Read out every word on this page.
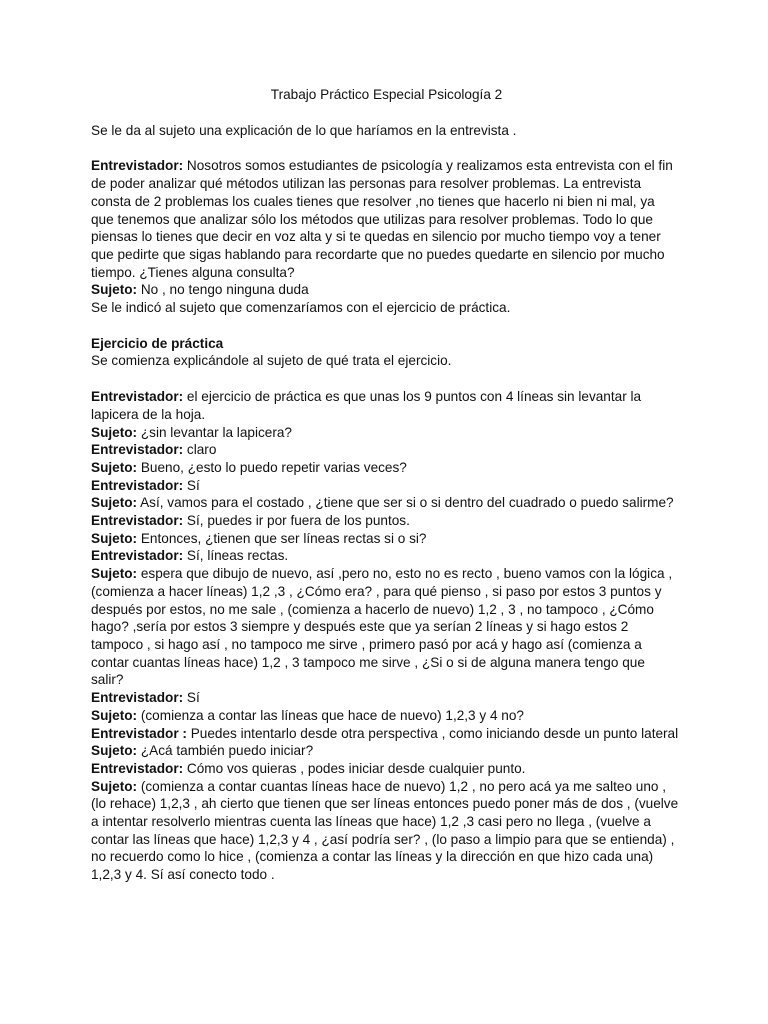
Trabajo Práctico Especial Psicología 2

Se le da al sujeto una explicación de lo que haríamos en la entrevista .

Entrevistador: Nosotros somos estudiantes de psicología y realizamos esta entrevista con el fin de poder analizar qué métodos utilizan las personas para resolver problemas. La entrevista consta de 2 problemas los cuales tienes que resolver ,no tienes que hacerlo ni bien ni mal, ya que tenemos que analizar sólo los métodos que utilizas para resolver problemas. Todo lo que piensas lo tienes que decir en voz alta y si te quedas en silencio por mucho tiempo voy a tener que pedirte que sigas hablando para recordarte que no puedes quedarte en silencio por mucho tiempo. ¿Tienes alguna consulta?

Sujeto: No , no tengo ninguna duda

Se le indicó al sujeto que comenzaríamos con el ejercicio de práctica.

Ejercicio de práctica

Se comienza explicándole al sujeto de qué trata el ejercicio.

Entrevistador: el ejercicio de práctica es que unas los 9 puntos con 4 líneas sin levantar la lapicera de la hoja.

Sujeto: ¿sin levantar la lapicera?

Entrevistador: claro

Sujeto: Bueno, ¿esto lo puedo repetir varias veces?

Entrevistador: Sí

Sujeto: Así, vamos para el costado , ¿tiene que ser si o si dentro del cuadrado o puedo salirme?

Entrevistador: Sí, puedes ir por fuera de los puntos.

Sujeto: Entonces, ¿tienen que ser líneas rectas si o si?

Entrevistador: Sí, líneas rectas.

Sujeto: espera que dibujo de nuevo, así ,pero no, esto no es recto , bueno vamos con la lógica , (comienza a hacer líneas) 1,2 ,3 , ¿Cómo era? , para qué pienso , si paso por estos 3 puntos y después por estos, no me sale , (comienza a hacerlo de nuevo) 1,2 , 3 , no tampoco , ¿Cómo hago? ,sería por estos 3 siempre y después este que ya serían 2 líneas y si hago estos 2 tampoco , si hago así , no tampoco me sirve , primero pasó por acá y hago así (comienza a contar cuantas líneas hace) 1,2 , 3 tampoco me sirve , ¿Si o si de alguna manera tengo que salir?

Entrevistador: Sí

Sujeto: (comienza a contar las líneas que hace de nuevo) 1,2,3 y 4 no?

Entrevistador : Puedes intentarlo desde otra perspectiva , como iniciando desde un punto lateral

Sujeto: ¿Acá también puedo iniciar?

Entrevistador: Cómo vos quieras , podes iniciar desde cualquier punto.

Sujeto: (comienza a contar cuantas líneas hace de nuevo) 1,2 , no pero acá ya me salteo uno , (lo rehace) 1,2,3 , ah cierto que tienen que ser líneas entonces puedo poner más de dos , (vuelve a intentar resolverlo mientras cuenta las líneas que hace) 1,2 ,3 casi pero no llega , (vuelve a contar las líneas que hace) 1,2,3 y 4 , ¿así podría ser? , (lo paso a limpio para que se entienda) , no recuerdo como lo hice , (comienza a contar las líneas y la dirección en que hizo cada una) 1,2,3 y 4. Sí así conecto todo .
